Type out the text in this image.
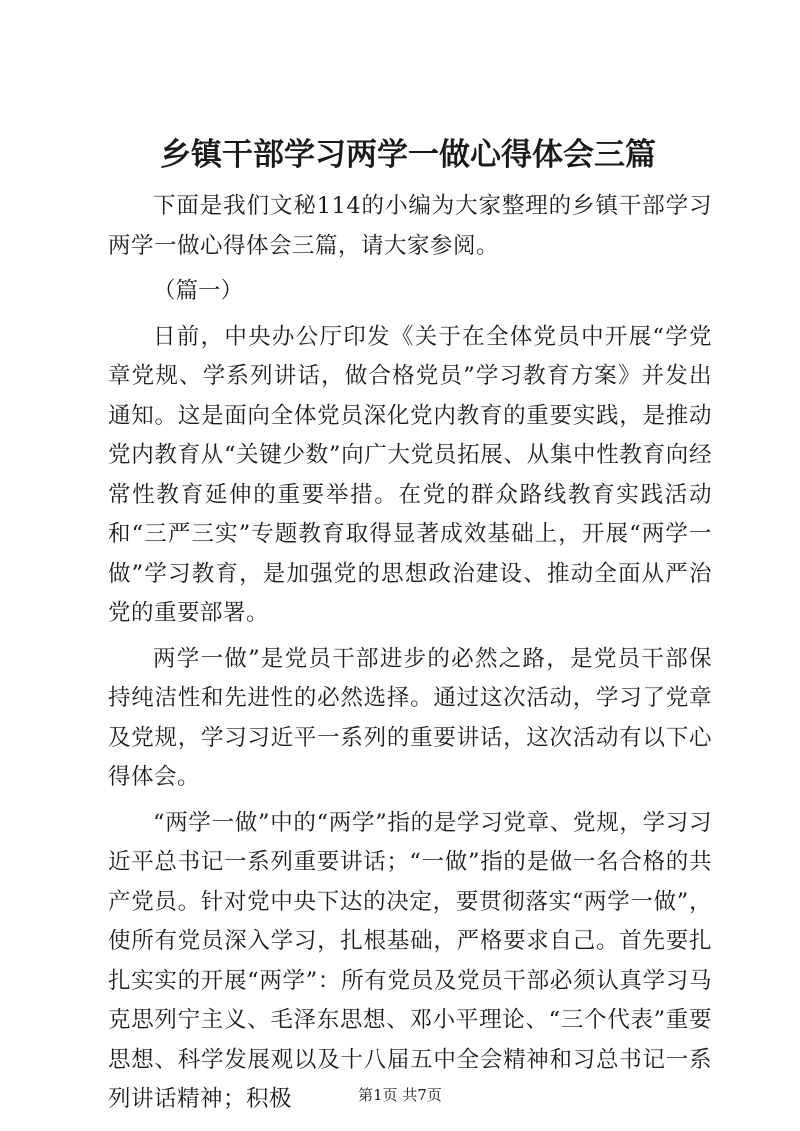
乡镇干部学习两学一做心得体会三篇

下面是我们文秘114的小编为大家整理的乡镇干部学习两学一做心得体会三篇，请大家参阅。

（篇一）

日前，中央办公厅印发《关于在全体党员中开展“学党章党规、学系列讲话，做合格党员”学习教育方案》并发出通知。这是面向全体党员深化党内教育的重要实践，是推动党内教育从“关键少数”向广大党员拓展、从集中性教育向经常性教育延伸的重要举措。在党的群众路线教育实践活动和“三严三实”专题教育取得显著成效基础上，开展“两学一做”学习教育，是加强党的思想政治建设、推动全面从严治党的重要部署。

两学一做”是党员干部进步的必然之路，是党员干部保持纯洁性和先进性的必然选择。通过这次活动，学习了党章及党规，学习习近平一系列的重要讲话，这次活动有以下心得体会。

“两学一做”中的“两学”指的是学习党章、党规，学习习近平总书记一系列重要讲话；“一做”指的是做一名合格的共产党员。针对党中央下达的决定，要贯彻落实“两学一做”，使所有党员深入学习，扎根基础，严格要求自己。首先要扎扎实实的开展“两学”：所有党员及党员干部必须认真学习马克思列宁主义、毛泽东思想、邓小平理论、“三个代表”重要思想、科学发展观以及十八届五中全会精神和习总书记一系列讲话精神；积极	第1页 共7页
